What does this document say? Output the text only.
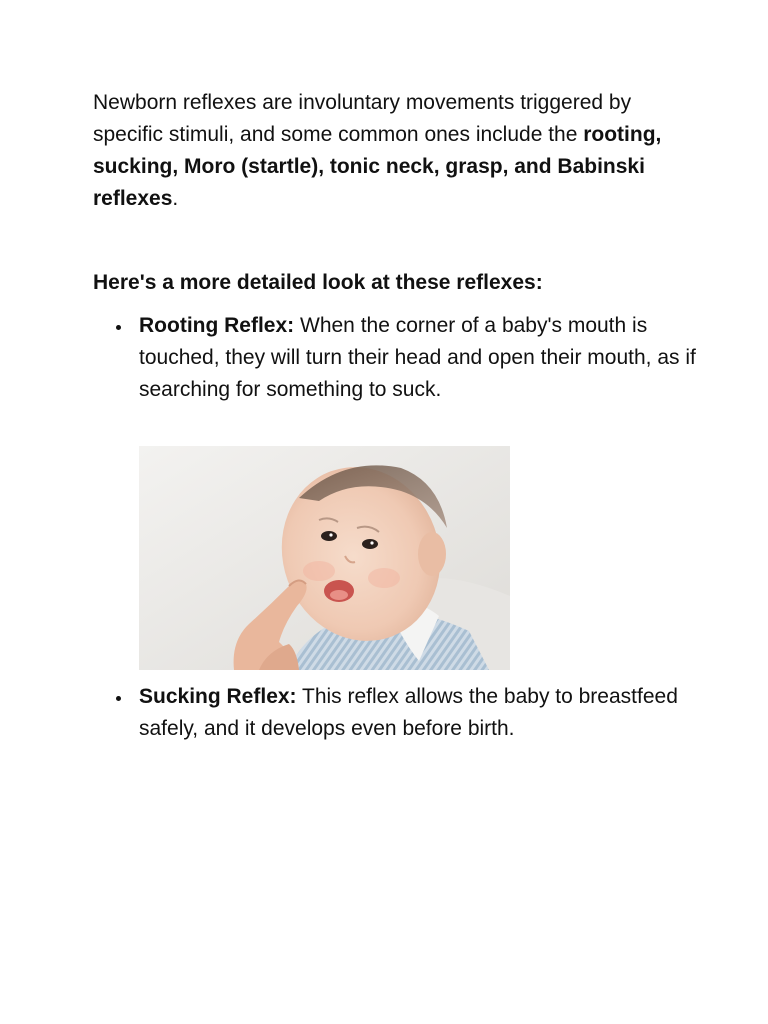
Newborn reflexes are involuntary movements triggered by specific stimuli, and some common ones include the rooting, sucking, Moro (startle), tonic neck, grasp, and Babinski reflexes.

Here's a more detailed look at these reflexes:

Rooting Reflex: When the corner of a baby's mouth is touched, they will turn their head and open their mouth, as if searching for something to suck.
Sucking Reflex: This reflex allows the baby to breastfeed safely, and it develops even before birth.
